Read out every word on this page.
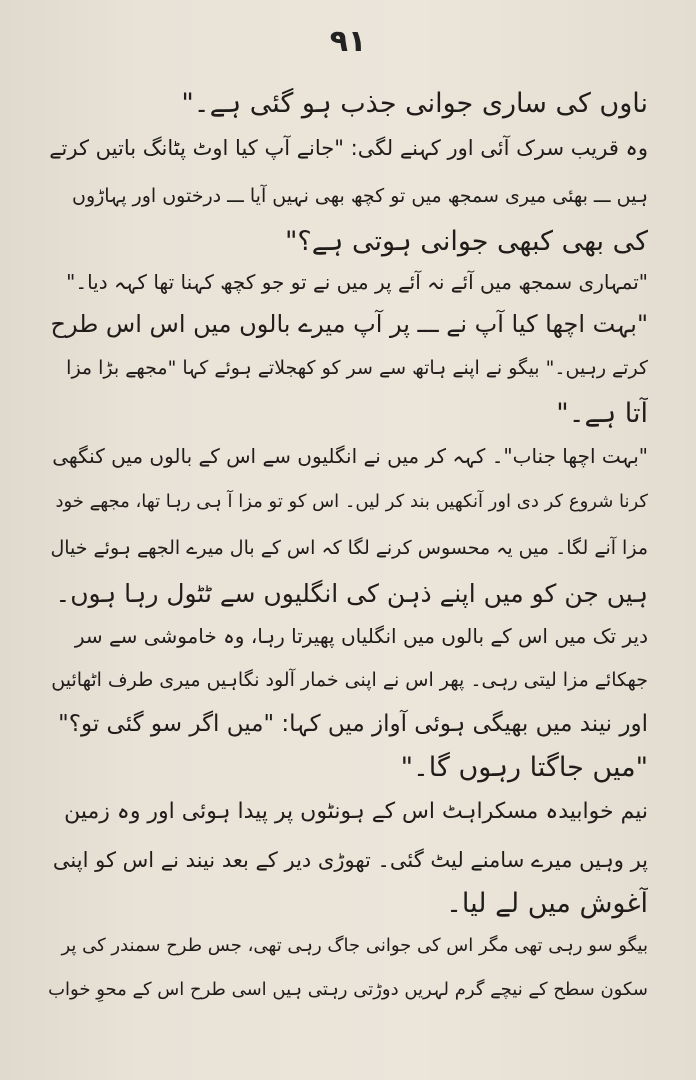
۹۱
ناوں کی ساری جوانی جذب ہو گئی ہے۔"
وہ قریب سرک آئی اور کہنے لگی: "جانے آپ کیا اوٹ پٹانگ باتیں کرتے
ہیں ـــ بھئی میری سمجھ میں تو کچھ بھی نہیں آیا ـــ درختوں اور پہاڑوں
کی بھی کبھی جوانی ہوتی ہے؟"
"تمہاری سمجھ میں آئے نہ آئے پر میں نے تو جو کچھ کہنا تھا کہہ دیا۔"
"بہت اچھا کیا آپ نے ـــ پر آپ میرے بالوں میں اس اس طرح
کرتے رہیں۔" بیگو نے اپنے ہاتھ سے سر کو کھجلاتے ہوئے کہا "مجھے بڑا مزا
آتا ہے۔"
"بہت اچھا جناب"۔ کہہ کر میں نے انگلیوں سے اس کے بالوں میں کنگھی
کرنا شروع کر دی اور آنکھیں بند کر لیں۔ اس کو تو مزا آ ہی رہا تھا، مجھے خود
مزا آنے لگا۔ میں یہ محسوس کرنے لگا کہ اس کے بال میرے الجھے ہوئے خیال
ہیں جن کو میں اپنے ذہن کی انگلیوں سے ٹٹول رہا ہوں۔
دیر تک میں اس کے بالوں میں انگلیاں پھیرتا رہا، وہ خاموشی سے سر
جھکائے مزا لیتی رہی۔ پھر اس نے اپنی خمار آلود نگاہیں میری طرف اٹھائیں
اور نیند میں بھیگی ہوئی آواز میں کہا: "میں اگر سو گئی تو؟"
"میں جاگتا رہوں گا۔"
نیم خوابیدہ مسکراہٹ اس کے ہونٹوں پر پیدا ہوئی اور وہ زمین
پر وہیں میرے سامنے لیٹ گئی۔ تھوڑی دیر کے بعد نیند نے اس کو اپنی
آغوش میں لے لیا۔
بیگو سو رہی تھی مگر اس کی جوانی جاگ رہی تھی، جس طرح سمندر کی پر
سکون سطح کے نیچے گرم لہریں دوڑتی رہتی ہیں اسی طرح اس کے محوِ خواب
